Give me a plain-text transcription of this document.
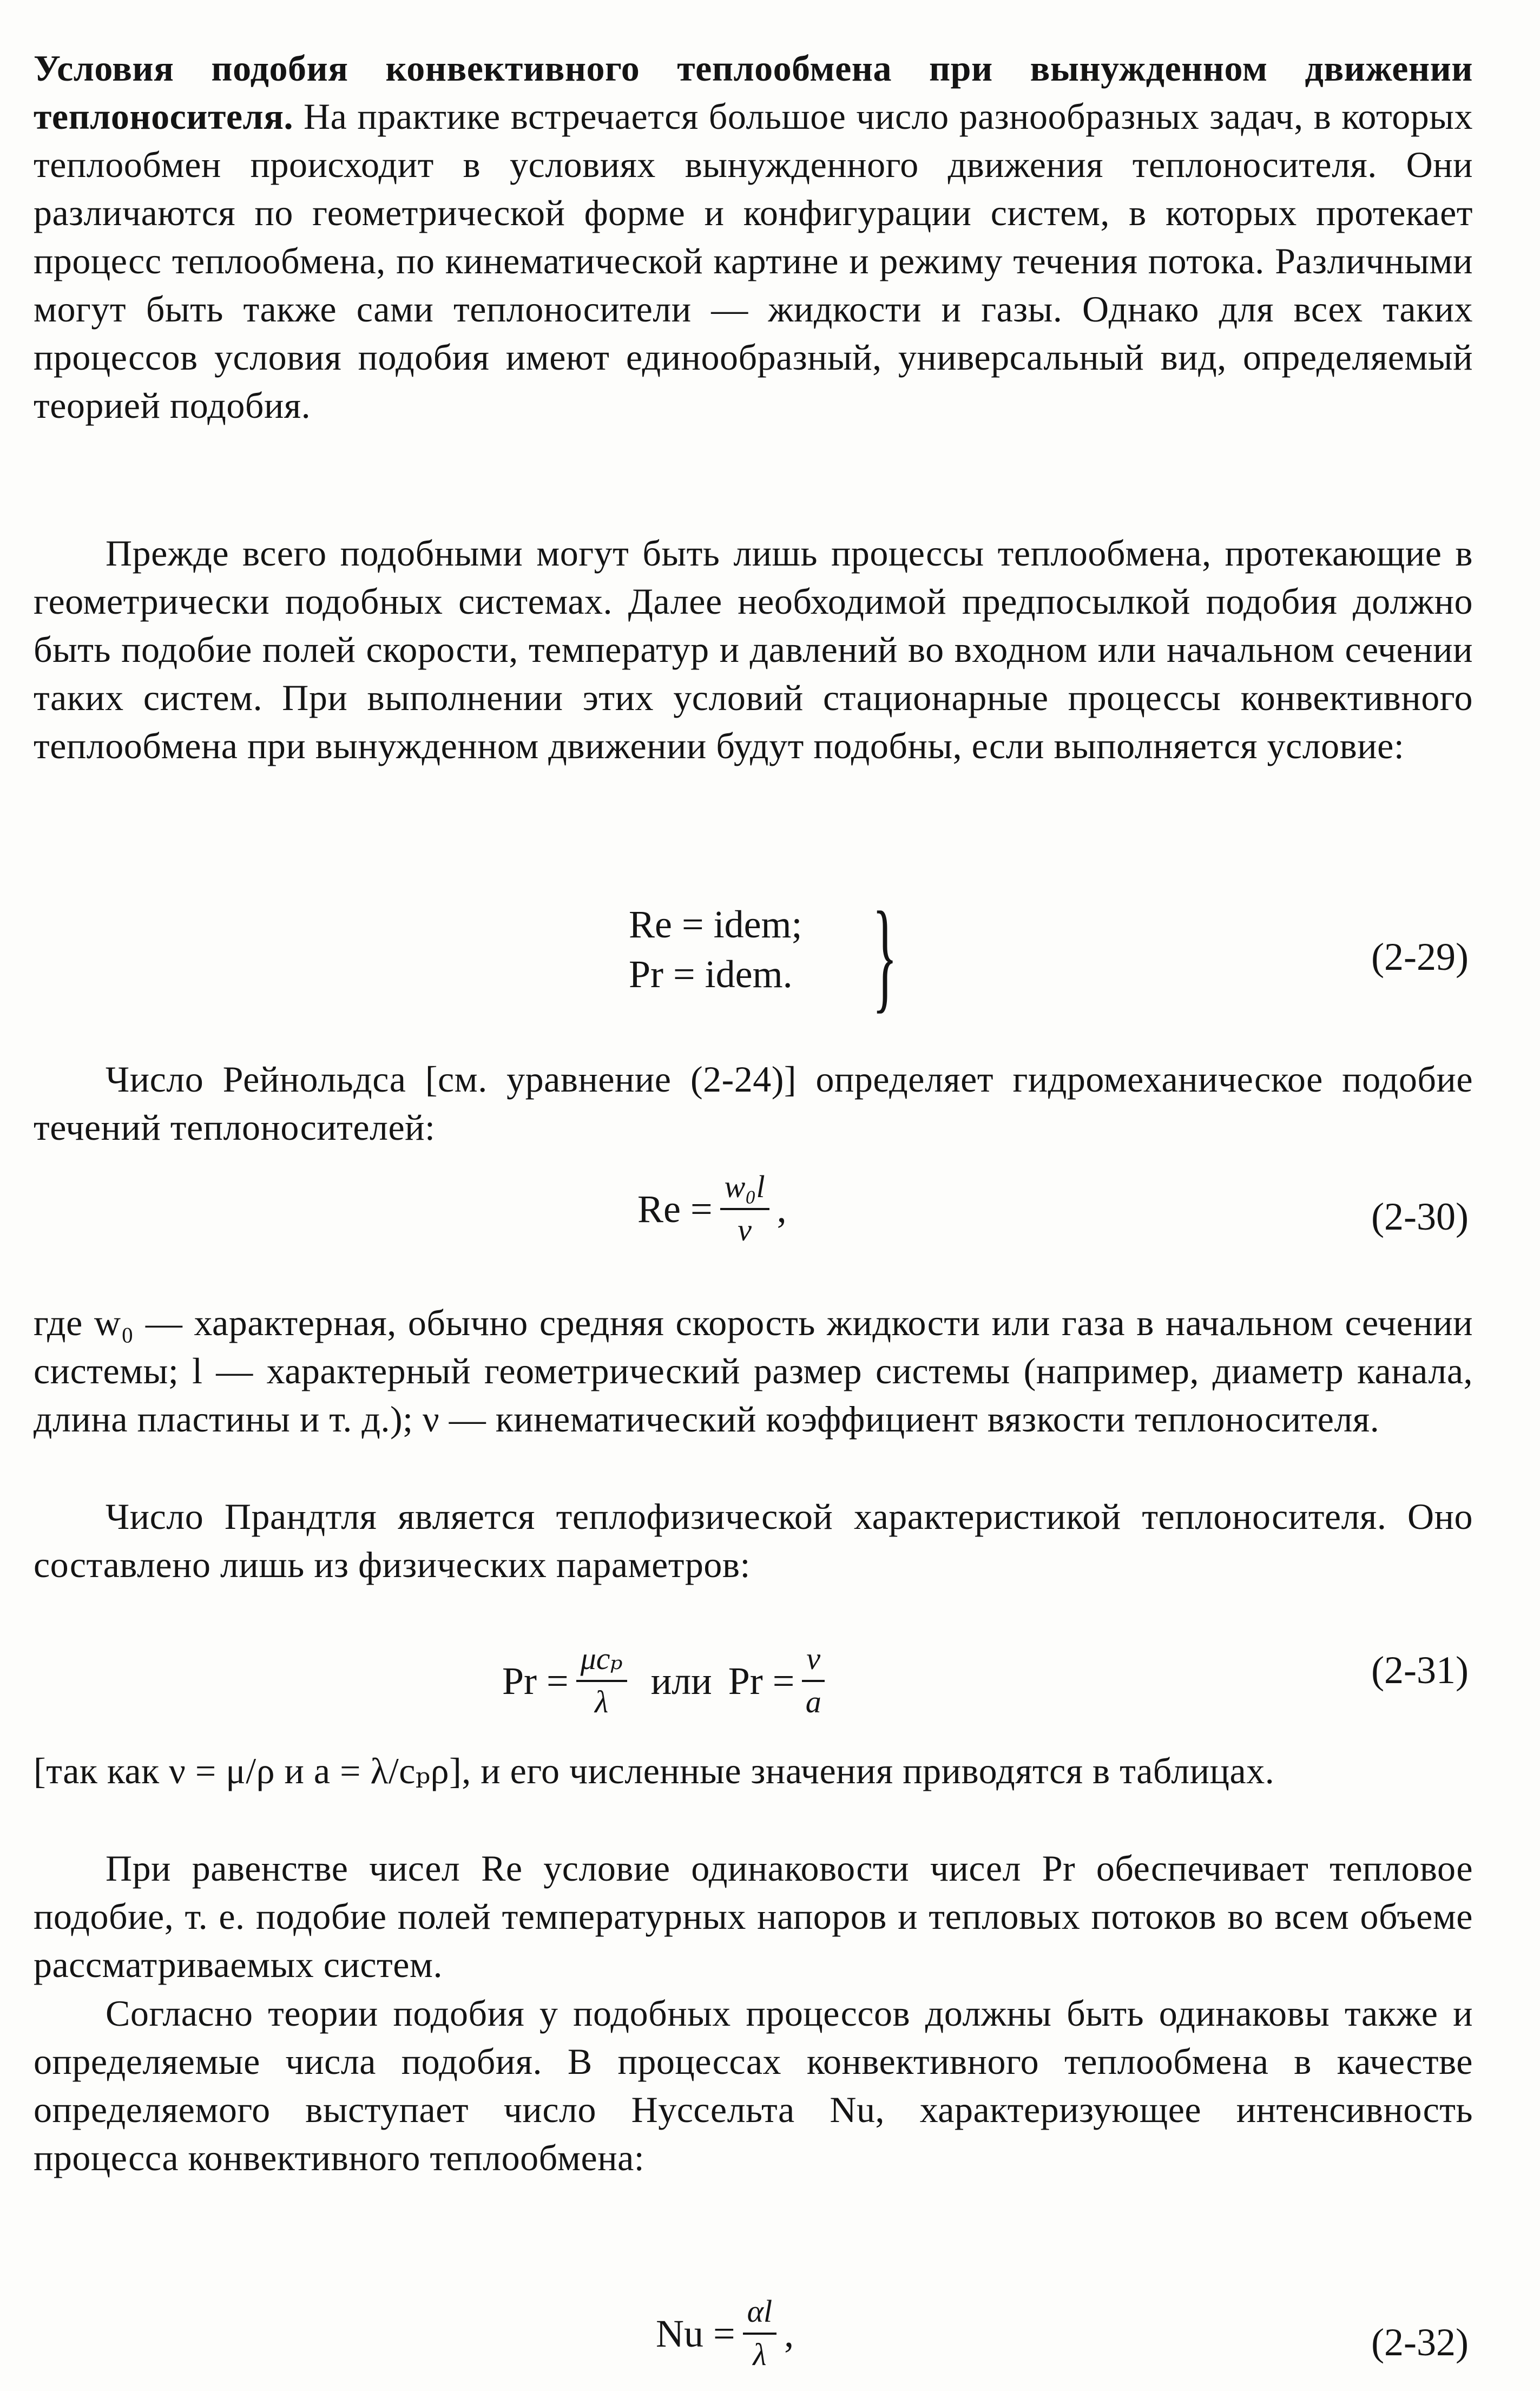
Условия подобия конвективного теплообмена при вынужденном движении теплоносителя. На практике встречается большое число разнообразных задач, в которых теплообмен происходит в условиях вынужденного движения теплоносителя. Они различаются по геометрической форме и конфигурации систем, в которых протекает процесс теплообмена, по кинематической картине и режиму течения потока. Различными могут быть также сами теплоносители — жидкости и газы. Однако для всех таких процессов условия подобия имеют единообразный, универсальный вид, определяемый теорией подобия.

Прежде всего подобными могут быть лишь процессы теплообмена, протекающие в геометрически подобных системах. Далее необходимой предпосылкой подобия должно быть подобие полей скорости, температур и давлений во входном или начальном сечении таких систем. При выполнении этих условий стационарные процессы конвективного теплообмена при вынужденном движении будут подобны, если выполняется условие:

Re = idem;
Pr = idem. }	(2-29)

Число Рейнольдса [см. уравнение (2-24)] определяет гидромеханическое подобие течений теплоносителей:

$Re = \frac{\text{w₀l}}{\nu}$ ,	(2-30)

где w₀ — характерная, обычно средняя скорость жидкости или газа в начальном сечении системы; l — характерный геометрический размер системы (например, диаметр канала, длина пластины и т. д.); ν — кинематический коэффициент вязкости теплоносителя.

Число Прандтля является теплофизической характеристикой теплоносителя. Оно составлено лишь из физических параметров:

$Pr = \frac{\text{μcₚ}}{\lambda}$ или $Pr = \frac{\nu}{a}$	(2-31)

[так как ν = μ/ρ и a = λ/cₚρ], и его численные значения приводятся в таблицах.

При равенстве чисел Re условие одинаковости чисел Pr обеспечивает тепловое подобие, т. е. подобие полей температурных напоров и тепловых потоков во всем объеме рассматриваемых систем.

Согласно теории подобия у подобных процессов должны быть одинаковы также и определяемые числа подобия. В процессах конвективного теплообмена в качестве определяемого выступает число Нуссельта Nu, характеризующее интенсивность процесса конвективного теплообмена:

$Nu = \frac{\alpha l}{\lambda}$ ,	(2-32)
